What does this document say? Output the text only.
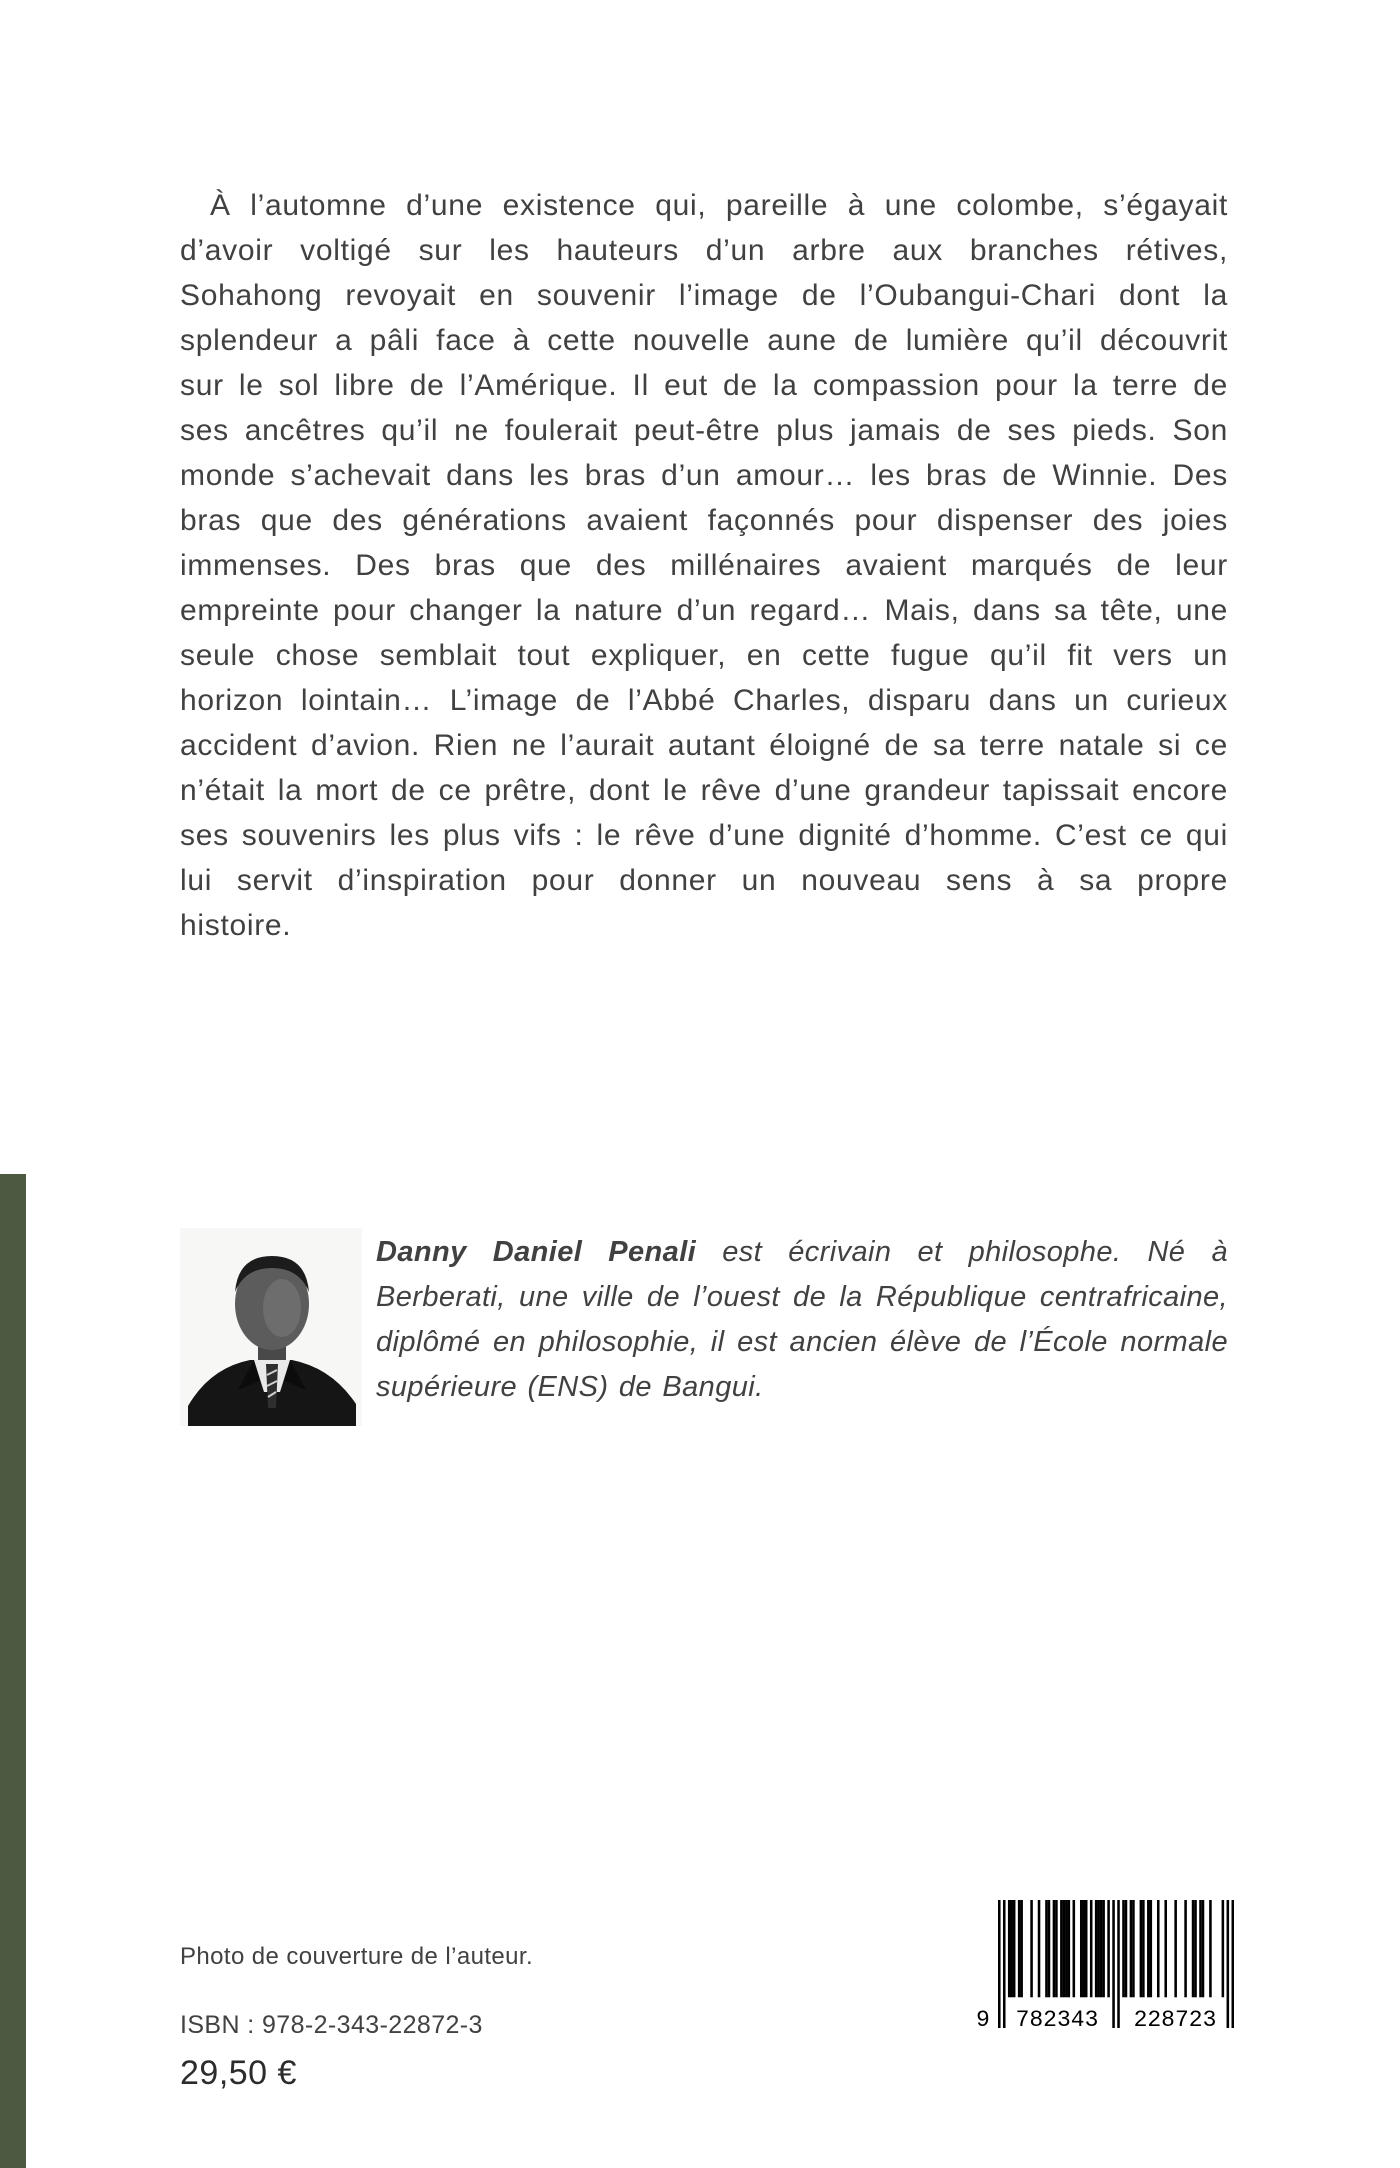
À l’automne d’une existence qui, pareille à une colombe, s’égayait d’avoir voltigé sur les hauteurs d’un arbre aux branches rétives, Sohahong revoyait en souvenir l’image de l’Oubangui-Chari dont la splendeur a pâli face à cette nouvelle aune de lumière qu’il découvrit sur le sol libre de l’Amérique. Il eut de la compassion pour la terre de ses ancêtres qu’il ne foulerait peut-être plus jamais de ses pieds. Son monde s’achevait dans les bras d’un amour… les bras de Winnie. Des bras que des générations avaient façonnés pour dispenser des joies immenses. Des bras que des millénaires avaient marqués de leur empreinte pour changer la nature d’un regard… Mais, dans sa tête, une seule chose semblait tout expliquer, en cette fugue qu’il fit vers un horizon lointain… L’image de l’Abbé Charles, disparu dans un curieux accident d’avion. Rien ne l’aurait autant éloigné de sa terre natale si ce n’était la mort de ce prêtre, dont le rêve d’une grandeur tapissait encore ses souvenirs les plus vifs : le rêve d’une dignité d’homme. C’est ce qui lui servit d’inspiration pour donner un nouveau sens à sa propre histoire.

Danny Daniel Penali est écrivain et philosophe. Né à Berberati, une ville de l’ouest de la République centrafricaine, diplômé en philosophie, il est ancien élève de l’École normale supérieure (ENS) de Bangui.

Photo de couverture de l’auteur.

ISBN : 978-2-343-22872-3

29,50 €

9	782343	228723
